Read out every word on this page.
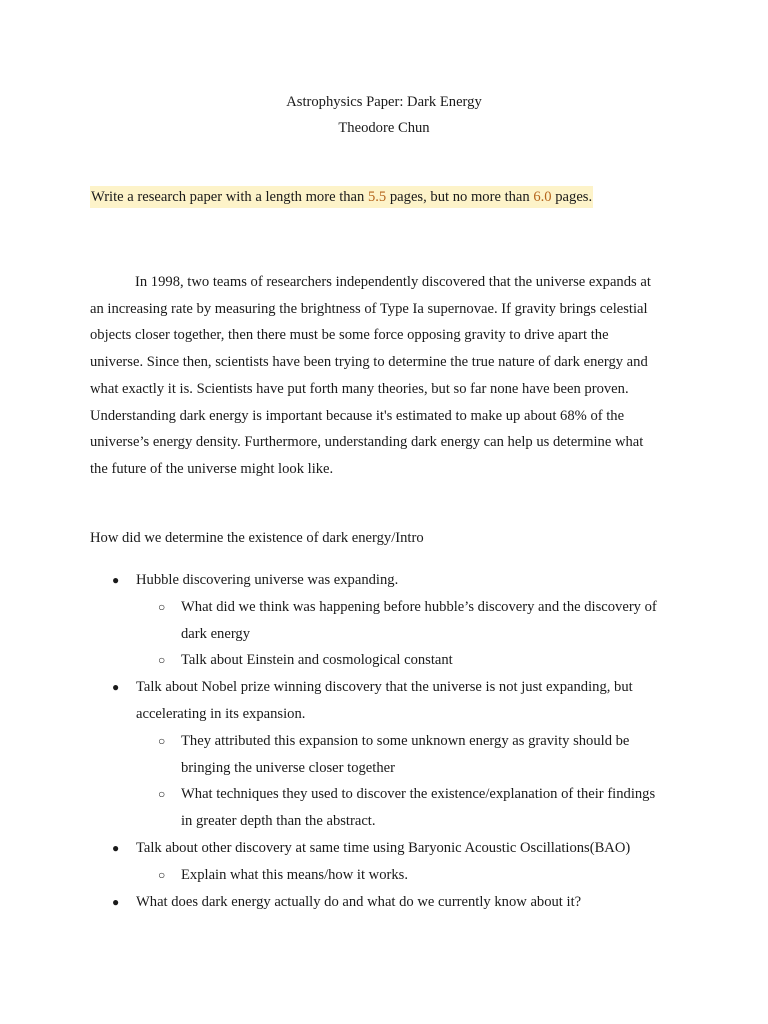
Astrophysics Paper: Dark Energy
Theodore Chun
Write a research paper with a length more than 5.5 pages, but no more than 6.0 pages.
In 1998, two teams of researchers independently discovered that the universe expands at
an increasing rate by measuring the brightness of Type Ia supernovae. If gravity brings celestial
objects closer together, then there must be some force opposing gravity to drive apart the
universe. Since then, scientists have been trying to determine the true nature of dark energy and
what exactly it is. Scientists have put forth many theories, but so far none have been proven.
Understanding dark energy is important because it's estimated to make up about 68% of the
universe’s energy density. Furthermore, understanding dark energy can help us determine what
the future of the universe might look like.
How did we determine the existence of dark energy/Intro
● Hubble discovering universe was expanding.
○ What did we think was happening before hubble’s discovery and the discovery of
dark energy
○ Talk about Einstein and cosmological constant
● Talk about Nobel prize winning discovery that the universe is not just expanding, but
accelerating in its expansion.
○ They attributed this expansion to some unknown energy as gravity should be
bringing the universe closer together
○ What techniques they used to discover the existence/explanation of their findings
in greater depth than the abstract.
● Talk about other discovery at same time using Baryonic Acoustic Oscillations(BAO)
○ Explain what this means/how it works.
● What does dark energy actually do and what do we currently know about it?
